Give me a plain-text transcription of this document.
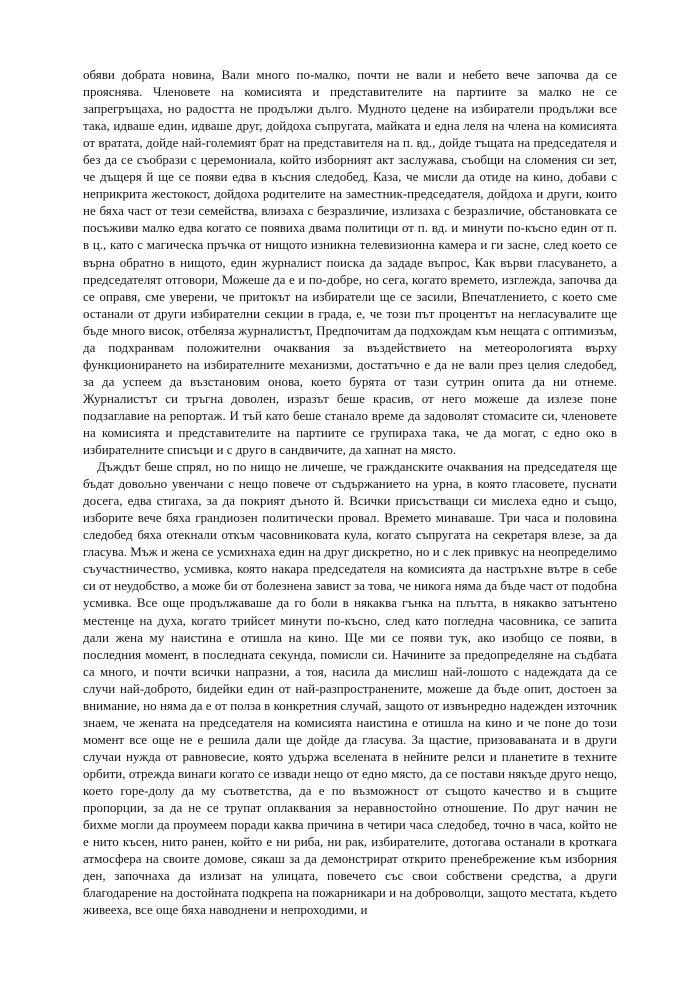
обяви добрата новина, Вали много по-малко, почти не вали и небето вече започва да се прояснява. Членовете на комисията и представителите на партиите за малко не се запрегръщаха, но радостта не продължи дълго. Мудното цедене на избиратели продължи все така, идваше един, идваше друг, дойдоха съпругата, майката и една леля на члена на комисията от вратата, дойде най-големият брат на представителя на п. вд., дойде тъщата на председателя и без да се съобрази с церемониала, който изборният акт заслужава, съобщи на сломения си зет, че дъщеря й ще се появи едва в късния следобед, Каза, че мисли да отиде на кино, добави с неприкрита жестокост, дойдоха родителите на заместник-председателя, дойдоха и други, които не бяха част от тези семейства, влизаха с безразличие, излизаха с безразличие, обстановката се посъживи малко едва когато се появиха двама политици от п. вд. и минути по-късно един от п. в ц., като с магическа пръчка от нищото изникна телевизионна камера и ги засне, след което се върна обратно в нищото, един журналист поиска да зададе въпрос, Как върви гласуването, а председателят отговори, Можеше да е и по-добре, но сега, когато времето, изглежда, започва да се оправя, сме уверени, че притокът на избиратели ще се засили, Впечатлението, с което сме останали от други избирателни секции в града, е, че този път процентът на негласувалите ще бъде много висок, отбеляза журналистът, Предпочитам да подхождам към нещата с оптимизъм, да подхранвам положителни очаквания за въздействието на метеорологията върху функционирането на избирателните механизми, достатъчно е да не вали през целия следобед, за да успеем да възстановим онова, което бурята от тази сутрин опита да ни отнеме. Журналистът си тръгна доволен, изразът беше красив, от него можеше да излезе поне подзаглавие на репортаж. И тъй като беше станало време да задоволят стомасите си, членовете на комисията и представителите на партиите се групираха така, че да могат, с едно око в избирателните списъци и с друго в сандвичите, да хапнат на място.

Дъждът беше спрял, но по нищо не личеше, че гражданските очаквания на председателя ще бъдат довољно увенчани с нещо повече от съдържанието на урна, в която гласовете, пуснати досега, едва стигаха, за да покрият дъното й. Всички присъстващи си мислеха едно и също, изборите вече бяха грандиозен политически провал. Времето минаваше. Три часа и половина следобед бяха отекнали откъм часовниковата кула, когато съпругата на секретаря влезе, за да гласува. Мъж и жена се усмихнаха един на друг дискретно, но и с лек привкус на неопределимо съучастничество, усмивка, която накара председателя на комисията да настръхне вътре в себе си от неудобство, а може би от болезнена завист за това, че никога няма да бъде част от подобна усмивка. Все още продължаваше да го боли в някаква гънка на плътта, в някакво затънтено местенце на духа, когато трийсет минути по-късно, след като погледна часовника, се запита дали жена му наистина е отишла на кино. Ще ми се появи тук, ако изобщо се появи, в последния момент, в последната секунда, помисли си. Начините за предопределяне на съдбата са много, и почти всички напразни, а тоя, насила да мислиш най-лошото с надеждата да се случи най-доброто, бидейки един от най-разпространените, можеше да бъде опит, достоен за внимание, но няма да е от полза в конкретния случай, защото от извънредно надежден източник знаем, че жената на председателя на комисията наистина е отишла на кино и че поне до този момент все още не е решила дали ще дойде да гласува. За щастие, призоваваната и в други случаи нужда от равновесие, която удържа вселената в нейните релси и планетите в техните орбити, отрежда винаги когато се извади нещо от едно място, да се постави някъде друго нещо, което горе-долу да му съответства, да е по възможност от същото качество и в същите пропорции, за да не се трупат оплаквания за неравностойно отношение. По друг начин не бихме могли да проумеем поради каква причина в четири часа следобед, точно в часа, който не е нито късен, нито ранен, който е ни риба, ни рак, избирателите, дотогава останали в кроткага атмосфера на своите домове, сякаш за да демонстрират открито пренебрежение към изборния ден, започнаха да излизат на улицата, повечето със свои собствени средства, а други благодарение на достойната подкрепа на пожарникари и на доброволци, защото местата, където живееха, все още бяха наводнени и непроходими, и
